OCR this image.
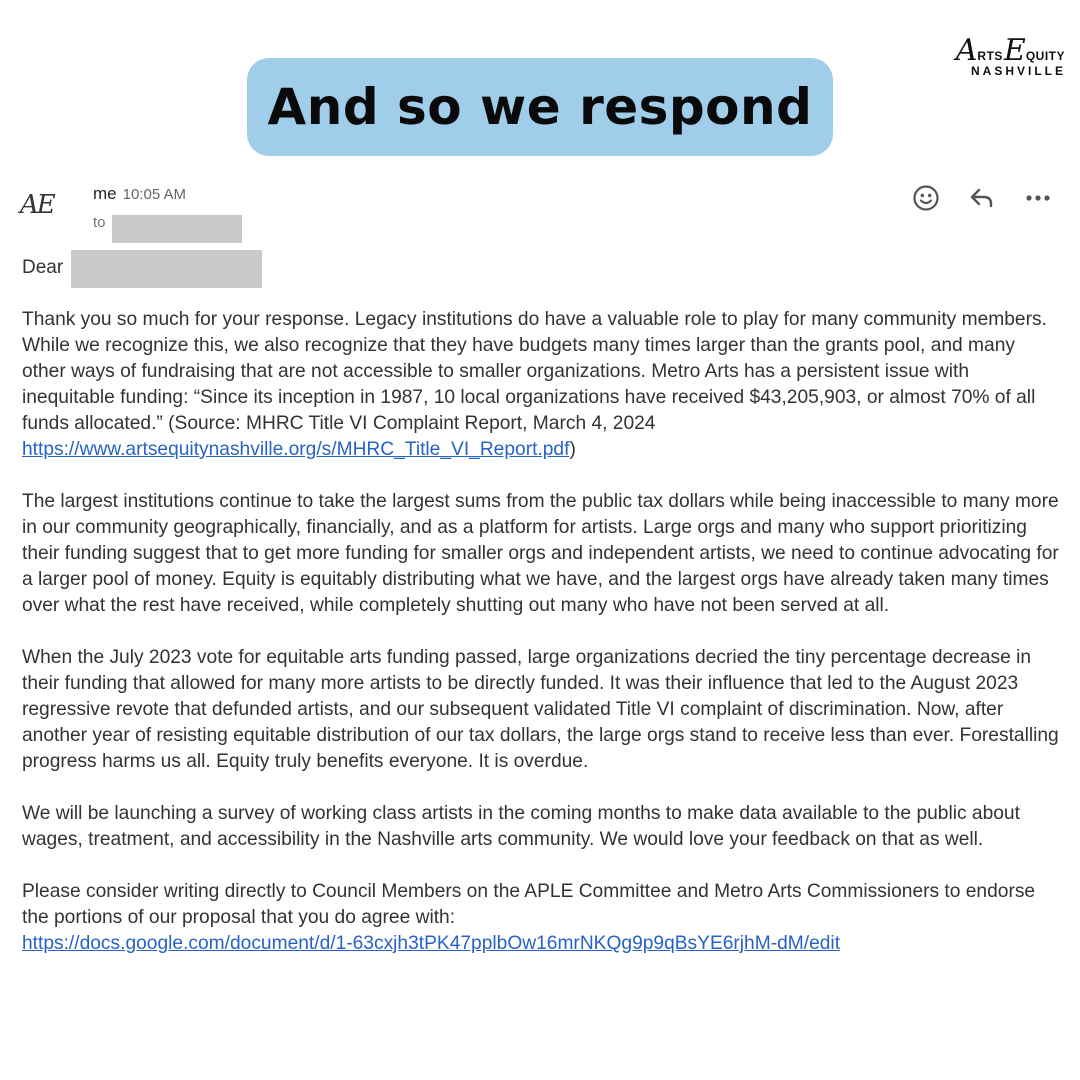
ARTSEQUITY
NASHVILLE
And so we respond
AE	me 10:05 AM
to
Dear

Thank you so much for your response. Legacy institutions do have a valuable role to play for many community members. While we recognize this, we also recognize that they have budgets many times larger than the grants pool, and many other ways of fundraising that are not accessible to smaller organizations. Metro Arts has a persistent issue with inequitable funding: “Since its inception in 1987, 10 local organizations have received $43,205,903, or almost 70% of all funds allocated.” (Source: MHRC Title VI Complaint Report, March 4, 2024
https://www.artsequitynashville.org/s/MHRC_Title_VI_Report.pdf)

The largest institutions continue to take the largest sums from the public tax dollars while being inaccessible to many more in our community geographically, financially, and as a platform for artists. Large orgs and many who support prioritizing their funding suggest that to get more funding for smaller orgs and independent artists, we need to continue advocating for a larger pool of money. Equity is equitably distributing what we have, and the largest orgs have already taken many times over what the rest have received, while completely shutting out many who have not been served at all.

When the July 2023 vote for equitable arts funding passed, large organizations decried the tiny percentage decrease in their funding that allowed for many more artists to be directly funded. It was their influence that led to the August 2023 regressive revote that defunded artists, and our subsequent validated Title VI complaint of discrimination. Now, after another year of resisting equitable distribution of our tax dollars, the large orgs stand to receive less than ever. Forestalling progress harms us all. Equity truly benefits everyone. It is overdue.

We will be launching a survey of working class artists in the coming months to make data available to the public about wages, treatment, and accessibility in the Nashville arts community. We would love your feedback on that as well.

Please consider writing directly to Council Members on the APLE Committee and Metro Arts Commissioners to endorse the portions of our proposal that you do agree with:
https://docs.google.com/document/d/1-63cxjh3tPK47pplbOw16mrNKQg9p9qBsYE6rjhM-dM/edit
